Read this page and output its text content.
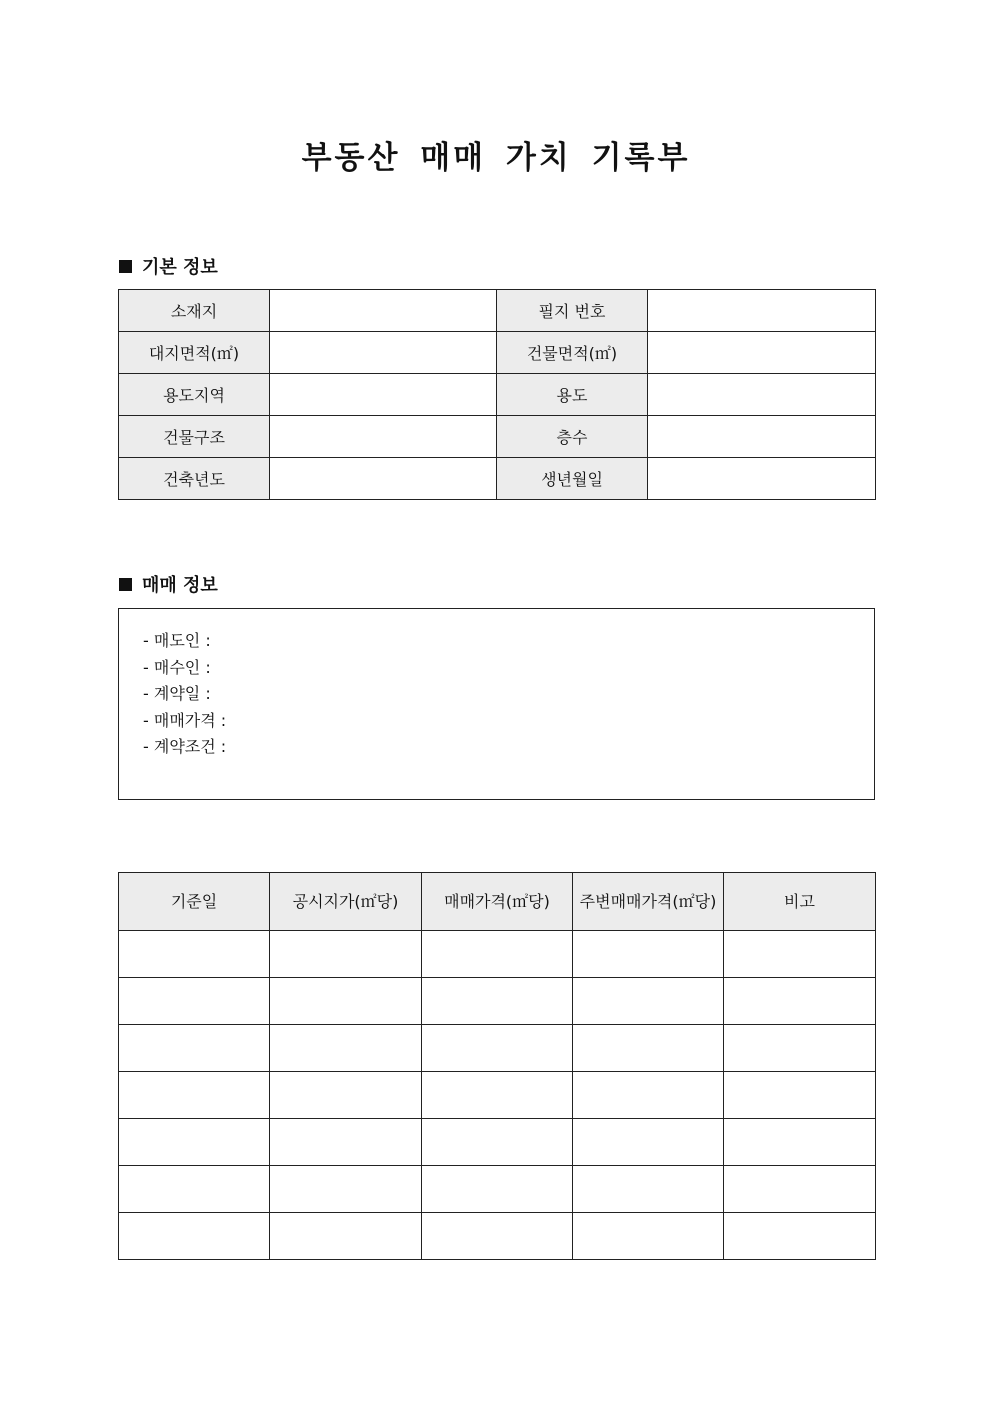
부동산 매매 가치 기록부
기본 정보
소재지		필지 번호	
대지면적(㎡)		건물면적(㎡)	
용도지역		용도	
건물구조		층수	
건축년도		생년월일	
매매 정보
- 매도인 :
- 매수인 :
- 계약일 :
- 매매가격 :
- 계약조건 :
기준일	공시지가(㎡당)	매매가격(㎡당)	주변매매가격(㎡당)	비고
